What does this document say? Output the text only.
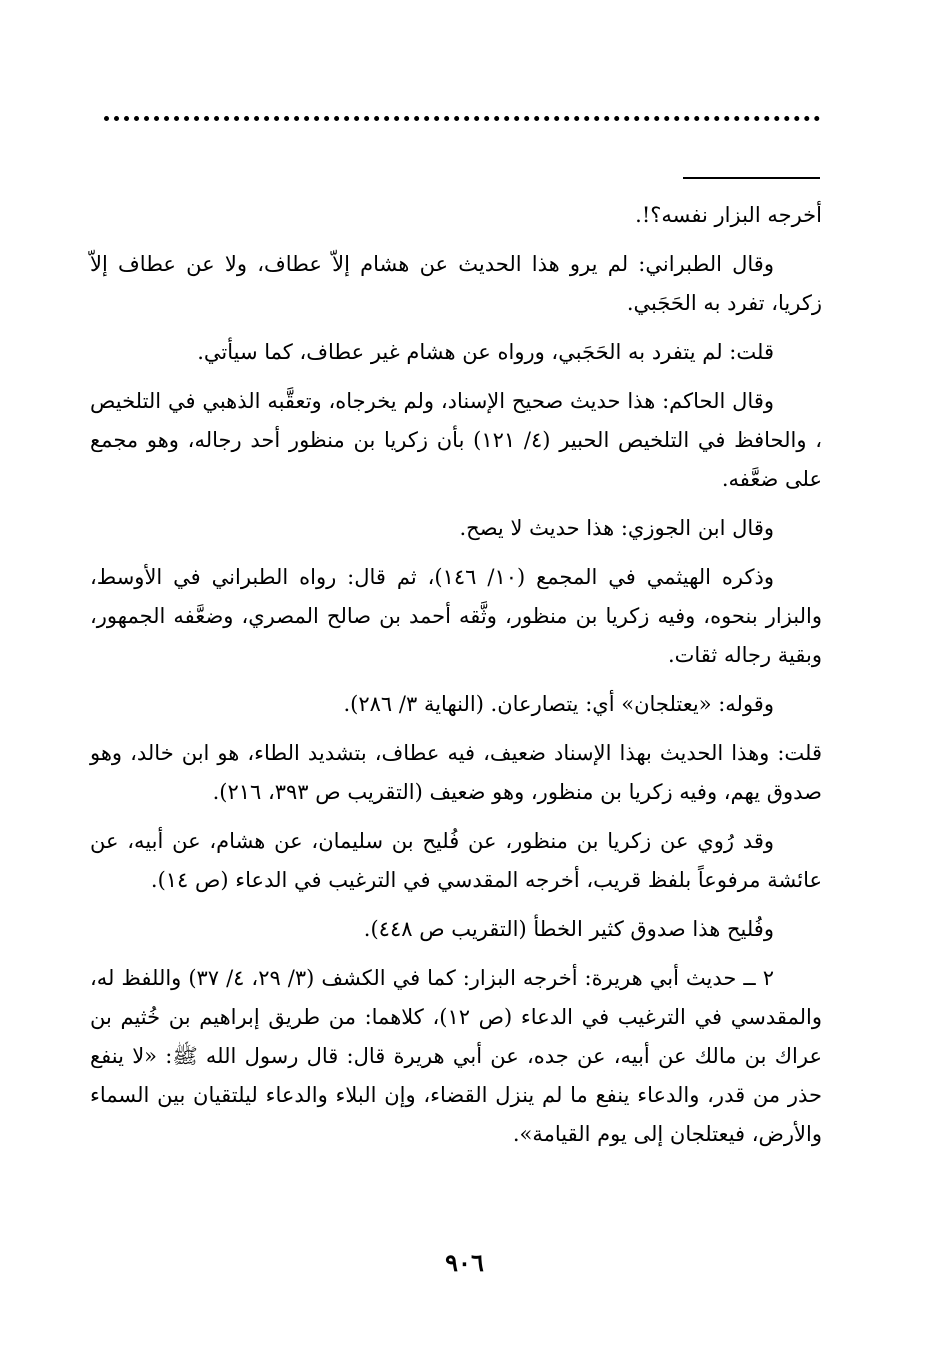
أخرجه البزار نفسه؟!.

وقال الطبراني: لم يرو هذا الحديث عن هشام إلاّ عطاف، ولا عن عطاف إلاّ زكريا، تفرد به الحَجَبي.

قلت: لم يتفرد به الحَجَبي، ورواه عن هشام غير عطاف، كما سيأتي.

وقال الحاكم: هذا حديث صحيح الإسناد، ولم يخرجاه، وتعقَّبه الذهبي في التلخيص ، والحافظ في التلخيص الحبير (٤/ ١٢١) بأن زكريا بن منظور أحد رجاله، وهو مجمع على ضعَّفه.

وقال ابن الجوزي: هذا حديث لا يصح.

وذكره الهيثمي في المجمع (١٠/ ١٤٦)، ثم قال: رواه الطبراني في الأوسط، والبزار بنحوه، وفيه زكريا بن منظور، وثَّقه أحمد بن صالح المصري، وضعَّفه الجمهور، وبقية رجاله ثقات.

وقوله: «يعتلجان» أي: يتصارعان. (النهاية ٣/ ٢٨٦).

قلت: وهذا الحديث بهذا الإسناد ضعيف، فيه عطاف، بتشديد الطاء، هو ابن خالد، وهو صدوق يهم، وفيه زكريا بن منظور، وهو ضعيف (التقريب ص ٣٩٣، ٢١٦).

وقد رُوي عن زكريا بن منظور، عن فُليح بن سليمان، عن هشام، عن أبيه، عن عائشة مرفوعاً بلفظ قريب، أخرجه المقدسي في الترغيب في الدعاء (ص ١٤).

وفُليح هذا صدوق كثير الخطأ (التقريب ص ٤٤٨).

٢ ــ حديث أبي هريرة: أخرجه البزار: كما في الكشف (٣/ ٢٩، ٤/ ٣٧) واللفظ له، والمقدسي في الترغيب في الدعاء (ص ١٢)، كلاهما: من طريق إبراهيم بن خُثيم بن عراك بن مالك عن أبيه، عن جده، عن أبي هريرة قال: قال رسول الله ﷺ: «لا ينفع حذر من قدر، والدعاء ينفع ما لم ينزل القضاء، وإن البلاء والدعاء ليلتقيان بين السماء والأرض، فيعتلجان إلى يوم القيامة».

٩٠٦
